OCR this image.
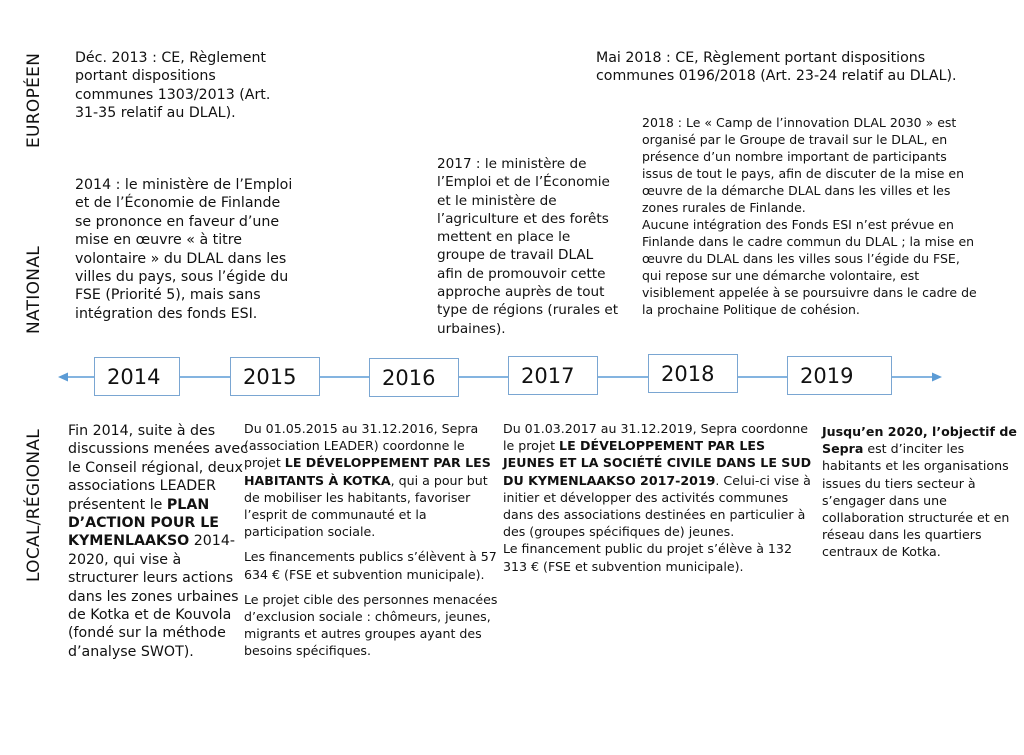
EUROPÉEN
NATIONAL
LOCAL/RÉGIONAL

Déc. 2013 : CE, Règlement portant dispositions communes 1303/2013 (Art. 31-35 relatif au DLAL).

Mai 2018 : CE, Règlement portant dispositions communes 0196/2018 (Art. 23-24 relatif au DLAL).

2014 : le ministère de l’Emploi et de l’Économie de Finlande se prononce en faveur d’une mise en œuvre « à titre volontaire » du DLAL dans les villes du pays, sous l’égide du FSE (Priorité 5), mais sans intégration des fonds ESI.

2017 : le ministère de l’Emploi et de l’Économie et le ministère de l’agriculture et des forêts mettent en place le groupe de travail DLAL afin de promouvoir cette approche auprès de tout type de régions (rurales et urbaines).

2018 : Le « Camp de l’innovation DLAL 2030 » est organisé par le Groupe de travail sur le DLAL, en présence d’un nombre important de participants issus de tout le pays, afin de discuter de la mise en œuvre de la démarche DLAL dans les villes et les zones rurales de Finlande.

Aucune intégration des Fonds ESI n’est prévue en Finlande dans le cadre commun du DLAL ; la mise en œuvre du DLAL dans les villes sous l’égide du FSE, qui repose sur une démarche volontaire, est visiblement appelée à se poursuivre dans le cadre de la prochaine Politique de cohésion.

2014	2015	2016	2017	2018	2019
Fin 2014, suite à des discussions menées avec le Conseil régional, deux associations LEADER présentent le PLAN D’ACTION POUR LE KYMENLAAKSO 2014-2020, qui vise à structurer leurs actions dans les zones urbaines de Kotka et de Kouvola (fondé sur la méthode d’analyse SWOT).

Du 01.05.2015 au 31.12.2016, Sepra (association LEADER) coordonne le projet LE DÉVELOPPEMENT PAR LES HABITANTS À KOTKA, qui a pour but de mobiliser les habitants, favoriser l’esprit de communauté et la participation sociale.

Les financements publics s’élèvent à 57 634 € (FSE et subvention municipale).

Le projet cible des personnes menacées d’exclusion sociale : chômeurs, jeunes, migrants et autres groupes ayant des besoins spécifiques.

Du 01.03.2017 au 31.12.2019, Sepra coordonne le projet LE DÉVELOPPEMENT PAR LES JEUNES ET LA SOCIÉTÉ CIVILE DANS LE SUD DU KYMENLAAKSO 2017-2019. Celui-ci vise à initier et développer des activités communes dans des associations destinées en particulier à des (groupes spécifiques de) jeunes.

Le financement public du projet s’élève à 132 313 € (FSE et subvention municipale).

Jusqu’en 2020, l’objectif de Sepra est d’inciter les habitants et les organisations issues du tiers secteur à s’engager dans une collaboration structurée et en réseau dans les quartiers centraux de Kotka.
